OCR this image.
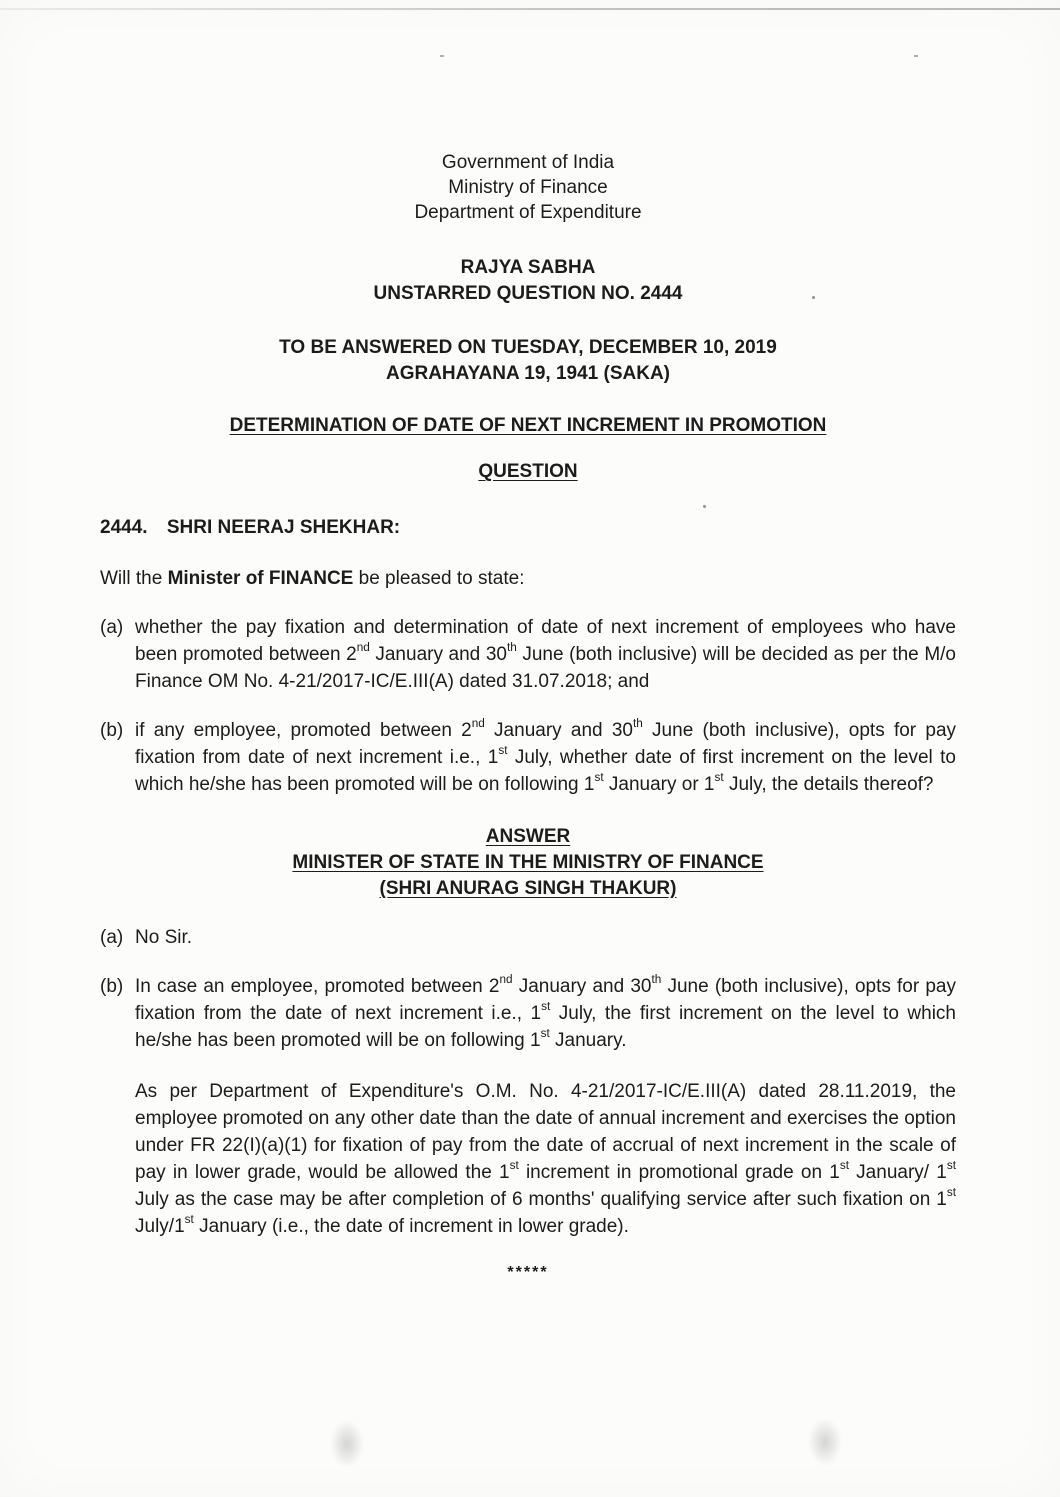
Government of India
Ministry of Finance
Department of Expenditure
RAJYA SABHA
UNSTARRED QUESTION NO. 2444
TO BE ANSWERED ON TUESDAY, DECEMBER 10, 2019
AGRAHAYANA 19, 1941 (SAKA)
DETERMINATION OF DATE OF NEXT INCREMENT IN PROMOTION
QUESTION
2444. SHRI NEERAJ SHEKHAR:
Will the Minister of FINANCE be pleased to state:
(a) whether the pay fixation and determination of date of next increment of employees who have been promoted between 2nd January and 30th June (both inclusive) will be decided as per the M/o Finance OM No. 4-21/2017-IC/E.III(A) dated 31.07.2018; and
(b) if any employee, promoted between 2nd January and 30th June (both inclusive), opts for pay fixation from date of next increment i.e., 1st July, whether date of first increment on the level to which he/she has been promoted will be on following 1st January or 1st July, the details thereof?
ANSWER
MINISTER OF STATE IN THE MINISTRY OF FINANCE
(SHRI ANURAG SINGH THAKUR)
(a) No Sir.
(b) In case an employee, promoted between 2nd January and 30th June (both inclusive), opts for pay fixation from the date of next increment i.e., 1st July, the first increment on the level to which he/she has been promoted will be on following 1st January.
As per Department of Expenditure's O.M. No. 4-21/2017-IC/E.III(A) dated 28.11.2019, the employee promoted on any other date than the date of annual increment and exercises the option under FR 22(I)(a)(1) for fixation of pay from the date of accrual of next increment in the scale of pay in lower grade, would be allowed the 1st increment in promotional grade on 1st January/ 1st July as the case may be after completion of 6 months' qualifying service after such fixation on 1st July/1st January (i.e., the date of increment in lower grade).
*****
